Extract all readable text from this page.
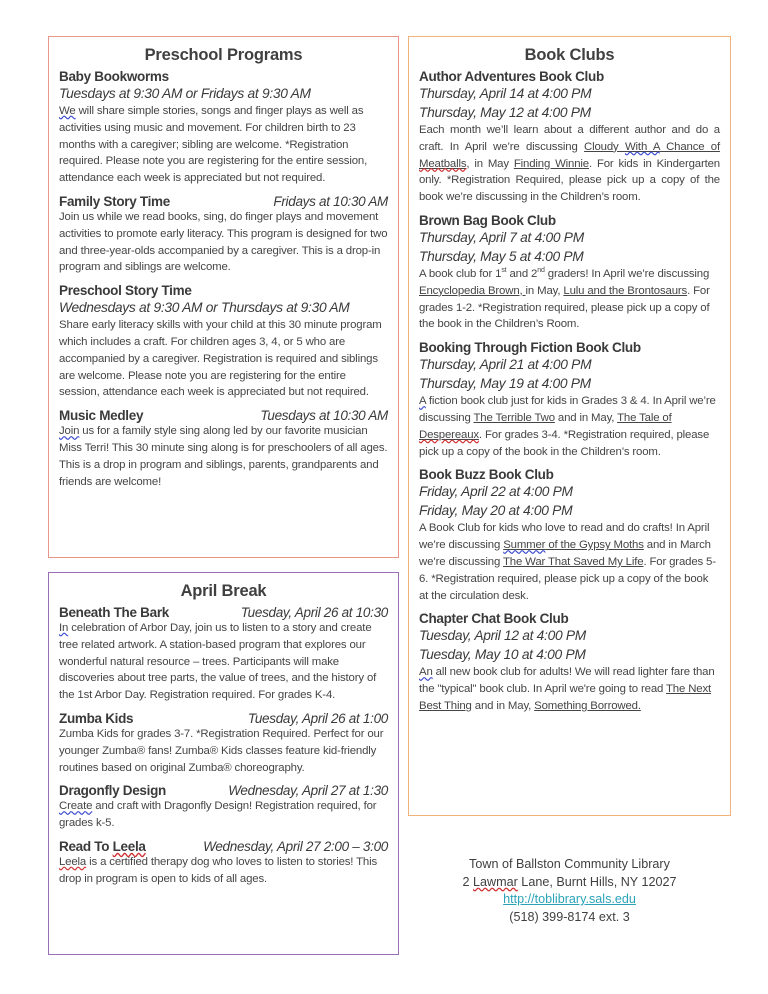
Preschool Programs
Baby Bookworms
Tuesdays at 9:30 AM or Fridays at 9:30 AM
We will share simple stories, songs and finger plays as well as activities using music and movement. For children birth to 23 months with a caregiver; sibling are welcome. *Registration required. Please note you are registering for the entire session, attendance each week is appreciated but not required.
Family Story Time	Fridays at 10:30 AM
Join us while we read books, sing, do finger plays and movement activities to promote early literacy. This program is designed for two and three-year-olds accompanied by a caregiver. This is a drop-in program and siblings are welcome.
Preschool Story Time
Wednesdays at 9:30 AM or Thursdays at 9:30 AM
Share early literacy skills with your child at this 30 minute program which includes a craft. For children ages 3, 4, or 5 who are accompanied by a caregiver. Registration is required and siblings are welcome. Please note you are registering for the entire session, attendance each week is appreciated but not required.
Music Medley	Tuesdays at 10:30 AM
Join us for a family style sing along led by our favorite musician Miss Terri! This 30 minute sing along is for preschoolers of all ages. This is a drop in program and siblings, parents, grandparents and friends are welcome!
April Break
Beneath The Bark	Tuesday, April 26 at 10:30
In celebration of Arbor Day, join us to listen to a story and create tree related artwork. A station-based program that explores our wonderful natural resource – trees. Participants will make discoveries about tree parts, the value of trees, and the history of the 1st Arbor Day. Registration required. For grades K-4.
Zumba Kids	Tuesday, April 26 at 1:00
Zumba Kids for grades 3-7. *Registration Required. Perfect for our younger Zumba® fans! Zumba® Kids classes feature kid-friendly routines based on original Zumba® choreography.
Dragonfly Design	Wednesday, April 27 at 1:30
Create and craft with Dragonfly Design! Registration required, for grades k-5.
Read To Leela	Wednesday, April 27 2:00 – 3:00
Leela is a certified therapy dog who loves to listen to stories! This drop in program is open to kids of all ages.
Book Clubs
Author Adventures Book Club
Thursday, April 14 at 4:00 PM
Thursday, May 12 at 4:00 PM
Each month we’ll learn about a different author and do a craft. In April we’re discussing Cloudy With A Chance of Meatballs, in May Finding Winnie. For kids in Kindergarten only. *Registration Required, please pick up a copy of the book we’re discussing in the Children’s room.
Brown Bag Book Club
Thursday, April 7 at 4:00 PM
Thursday, May 5 at 4:00 PM
A book club for 1st and 2nd graders! In April we’re discussing Encyclopedia Brown, in May, Lulu and the Brontosaurs. For grades 1-2. *Registration required, please pick up a copy of the book in the Children’s Room.
Booking Through Fiction Book Club
Thursday, April 21 at 4:00 PM
Thursday, May 19 at 4:00 PM
A fiction book club just for kids in Grades 3 & 4. In April we’re discussing The Terrible Two and in May, The Tale of Despereaux. For grades 3-4. *Registration required, please pick up a copy of the book in the Children’s room.
Book Buzz Book Club
Friday, April 22 at 4:00 PM
Friday, May 20 at 4:00 PM
A Book Club for kids who love to read and do crafts! In April we’re discussing Summer of the Gypsy Moths and in March we’re discussing The War That Saved My Life. For grades 5-6. *Registration required, please pick up a copy of the book at the circulation desk.
Chapter Chat Book Club
Tuesday, April 12 at 4:00 PM
Tuesday, May 10 at 4:00 PM
An all new book club for adults! We will read lighter fare than the "typical" book club. In April we're going to read The Next Best Thing and in May, Something Borrowed.
Town of Ballston Community Library
2 Lawmar Lane, Burnt Hills, NY 12027
http://toblibrary.sals.edu
(518) 399-8174 ext. 3
